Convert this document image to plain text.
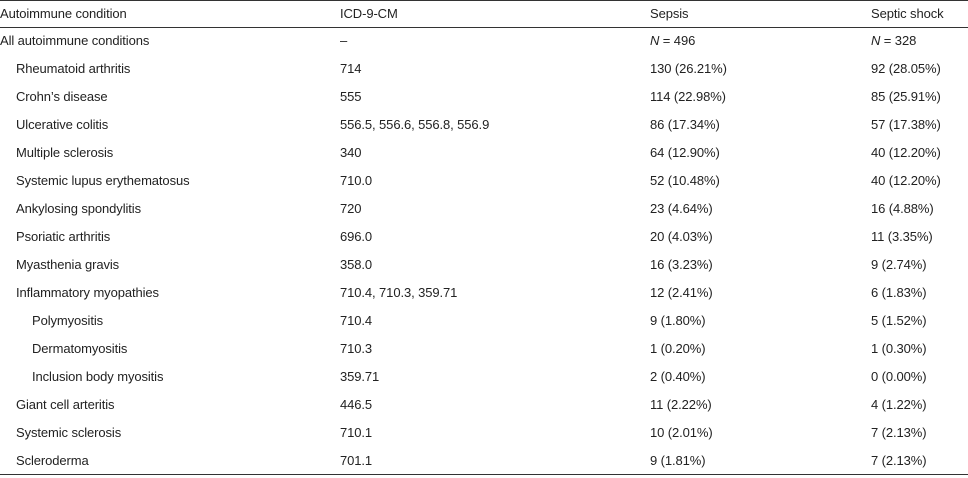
Autoimmune condition	ICD-9-CM	Sepsis	Septic shock
All autoimmune conditions	–	N = 496	N = 328
Rheumatoid arthritis	714	130 (26.21%)	92 (28.05%)
Crohn’s disease	555	114 (22.98%)	85 (25.91%)
Ulcerative colitis	556.5, 556.6, 556.8, 556.9	86 (17.34%)	57 (17.38%)
Multiple sclerosis	340	64 (12.90%)	40 (12.20%)
Systemic lupus erythematosus	710.0	52 (10.48%)	40 (12.20%)
Ankylosing spondylitis	720	23 (4.64%)	16 (4.88%)
Psoriatic arthritis	696.0	20 (4.03%)	11 (3.35%)
Myasthenia gravis	358.0	16 (3.23%)	9 (2.74%)
Inflammatory myopathies	710.4, 710.3, 359.71	12 (2.41%)	6 (1.83%)
Polymyositis	710.4	9 (1.80%)	5 (1.52%)
Dermatomyositis	710.3	1 (0.20%)	1 (0.30%)
Inclusion body myositis	359.71	2 (0.40%)	0 (0.00%)
Giant cell arteritis	446.5	11 (2.22%)	4 (1.22%)
Systemic sclerosis	710.1	10 (2.01%)	7 (2.13%)
Scleroderma	701.1	9 (1.81%)	7 (2.13%)
